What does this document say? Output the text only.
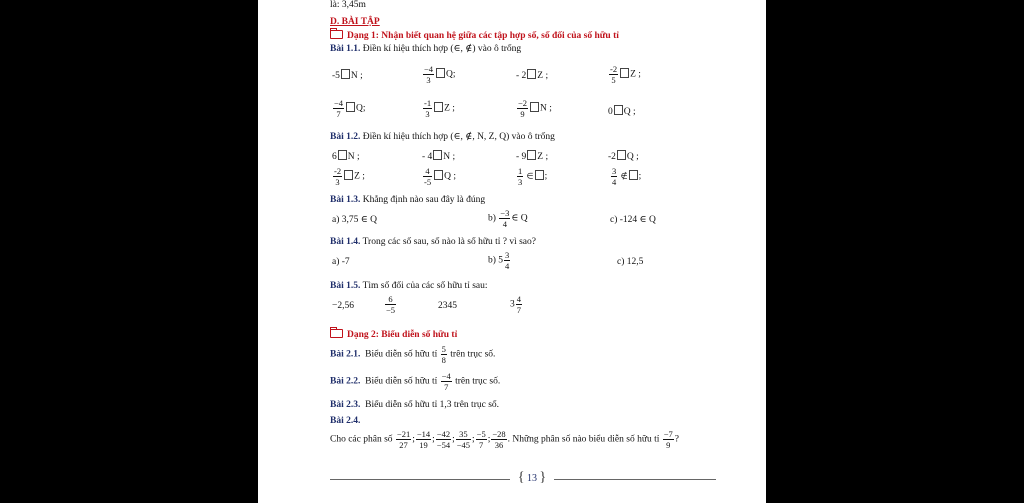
là: 3,45m
D. BÀI TẬP
Dạng 1: Nhận biết quan hệ giữa các tập hợp số, số đối của số hữu tỉ
Bài 1.1. Điền kí hiệu thích hợp (∈, ∉) vào ô trống
-5 N ;	$\frac{-4}{3} Q$;	- 2 Z ;	$\frac{-2}{5}$ Z ;
$\frac{-4}{7} Q$;	$\frac{-1}{3}$ Z ;	$\frac{-2}{9}$ N ;	0 Q ;
Bài 1.2. Điền kí hiệu thích hợp (∈, ∉, N, Z, Q) vào ô trống
6 N ;	- 4 N ;	- 9 Z ;	-2 Q ;
$\frac{-2}{3}$ Z ;	$\frac{4}{-5}$ Q ;	$\frac{1}{3}$ ∈ ;	$\frac{3}{4}$ ∉ ;
Bài 1.3. Khẳng định nào sau đây là đúng
a) 3,75 ∈ Q	$b) \frac{-3}{4}$ ∈ Q	c) -124 ∈ Q
Bài 1.4. Trong các số sau, số nào là số hữu tỉ ? vì sao?
a) -7	b) $5 \frac{3}{4}$	c) 12,5
Bài 1.5. Tìm số đối của các số hữu tỉ sau:
−2,56	$\frac{6}{-5}$	2345	$3 \frac{4}{7}$
Dạng 2: Biểu diễn số hữu tỉ
Bài 2.1. Biểu diễn số hữu tỉ $\frac{5}{8}$ trên trục số.
Bài 2.2. Biểu diễn số hữu tỉ $\frac{-4}{7}$ trên trục số.
Bài 2.3. Biểu diễn số hữu tỉ 1,3 trên trục số.
Bài 2.4.
Cho các phân số $\frac{-21}{27}$ ; $\frac{-14}{19}$ ; $\frac{-42}{-54}$ ; $\frac{35}{-45}$ ; $\frac{-5}{7}$ ; $\frac{-28}{36}$ . Những phân số nào biểu diễn số hữu tỉ $\frac{-7}{9}$ ?
{ 13 }
